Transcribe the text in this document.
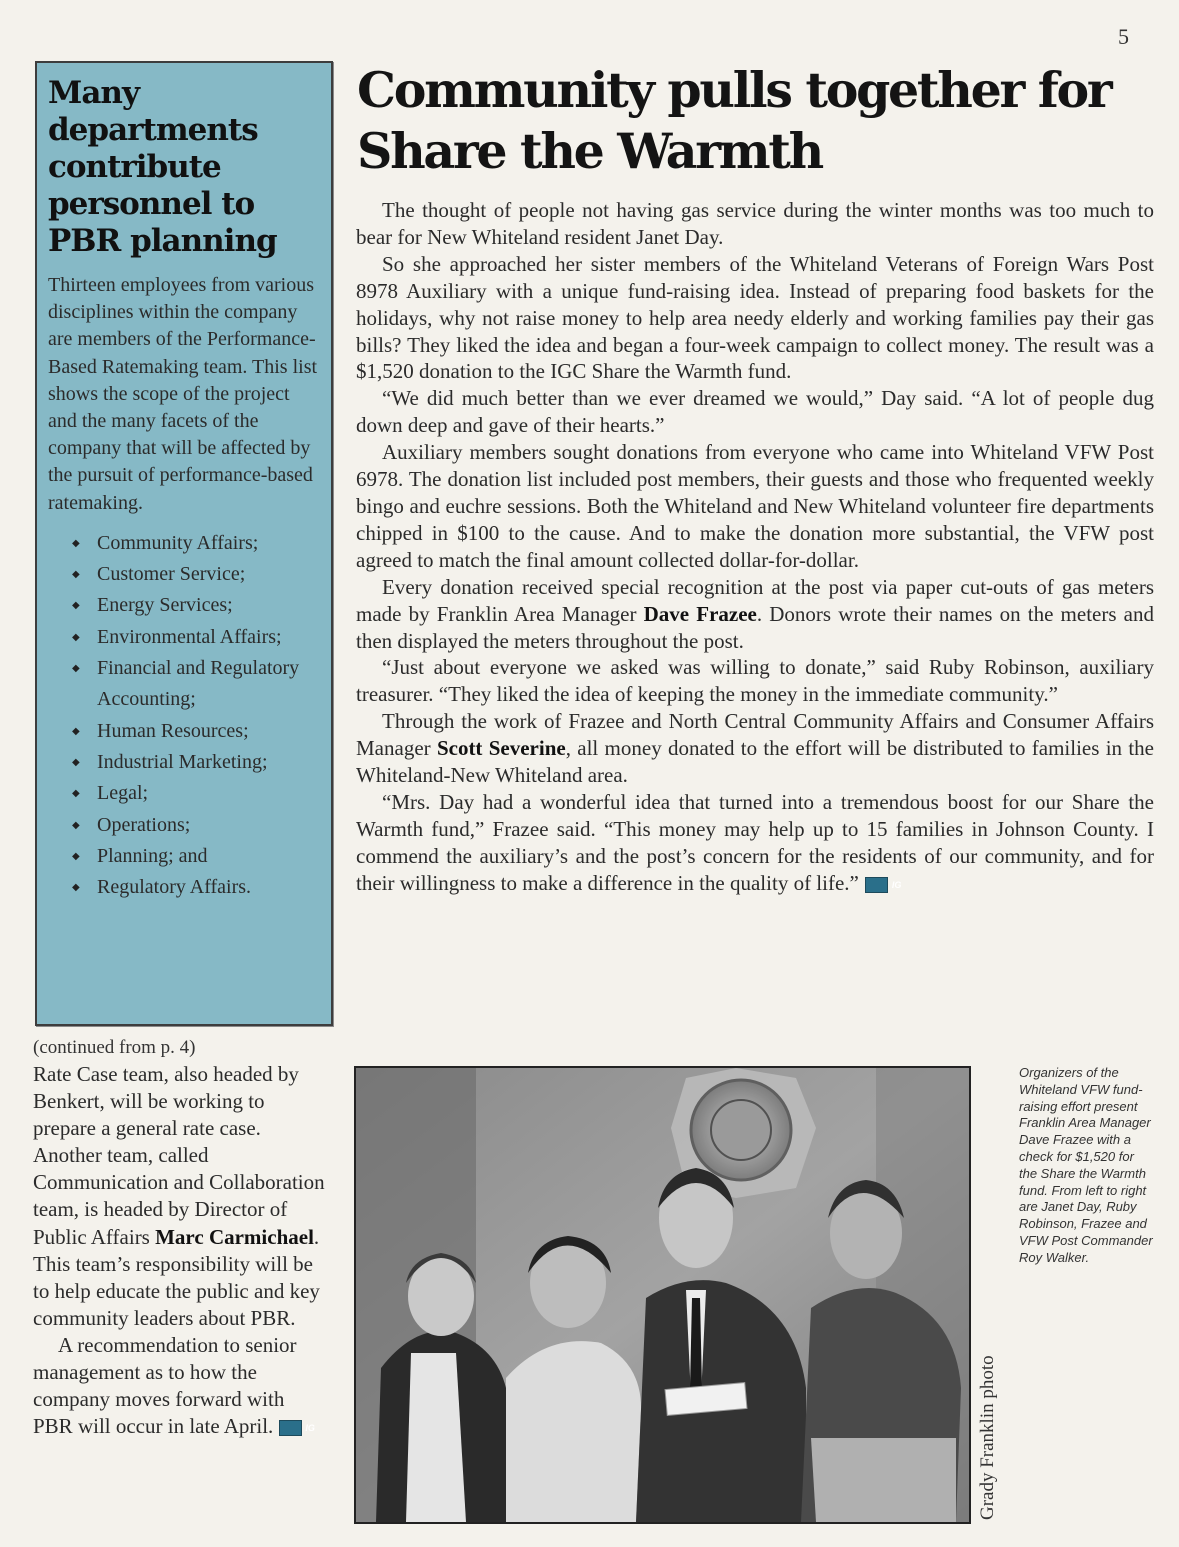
5
Many departments contribute personnel to PBR planning

Thirteen employees from various disciplines within the company are members of the Performance-Based Ratemaking team. This list shows the scope of the project and the many facets of the company that will be affected by the pursuit of performance-based ratemaking.

◆ Community Affairs;
◆ Customer Service;
◆ Energy Services;
◆ Environmental Affairs;
◆ Financial and Regulatory Accounting;
◆ Human Resources;
◆ Industrial Marketing;
◆ Legal;
◆ Operations;
◆ Planning; and
◆ Regulatory Affairs.
Community pulls together for Share the Warmth

The thought of people not having gas service during the winter months was too much to bear for New Whiteland resident Janet Day.

So she approached her sister members of the Whiteland Veterans of Foreign Wars Post 8978 Auxiliary with a unique fund-raising idea. Instead of preparing food baskets for the holidays, why not raise money to help area needy elderly and working families pay their gas bills? They liked the idea and began a four-week campaign to collect money. The result was a $1,520 donation to the IGC Share the Warmth fund.

“We did much better than we ever dreamed we would,” Day said. “A lot of people dug down deep and gave of their hearts.”

Auxiliary members sought donations from everyone who came into Whiteland VFW Post 6978. The donation list included post members, their guests and those who frequented weekly bingo and euchre sessions. Both the Whiteland and New Whiteland volunteer fire departments chipped in $100 to the cause. And to make the donation more substantial, the VFW post agreed to match the final amount collected dollar-for-dollar.

Every donation received special recognition at the post via paper cut-outs of gas meters made by Franklin Area Manager Dave Frazee. Donors wrote their names on the meters and then displayed the meters throughout the post.

“Just about everyone we asked was willing to donate,” said Ruby Robinson, auxiliary treasurer. “They liked the idea of keeping the money in the immediate community.”

Through the work of Frazee and North Central Community Affairs and Consumer Affairs Manager Scott Severine, all money donated to the effort will be distributed to families in the Whiteland-New Whiteland area.

“Mrs. Day had a wonderful idea that turned into a tremendous boost for our Share the Warmth fund,” Frazee said. “This money may help up to 15 families in Johnson County. I commend the auxiliary’s and the post’s concern for the residents of our community, and for their willingness to make a difference in the quality of life.”	IG

(continued from p. 4)

Rate Case team, also headed by Benkert, will be working to prepare a general rate case. Another team, called Communication and Collaboration team, is headed by Director of Public Affairs Marc Carmichael. This team’s responsibility will be to help educate the public and key community leaders about PBR.

A recommendation to senior management as to how the company moves forward with PBR will occur in late April.	IG	Grady Franklin photo
Organizers of the Whiteland VFW fund-raising effort present Franklin Area Manager Dave Frazee with a check for $1,520 for the Share the Warmth fund. From left to right are Janet Day, Ruby Robinson, Frazee and VFW Post Commander Roy Walker.
